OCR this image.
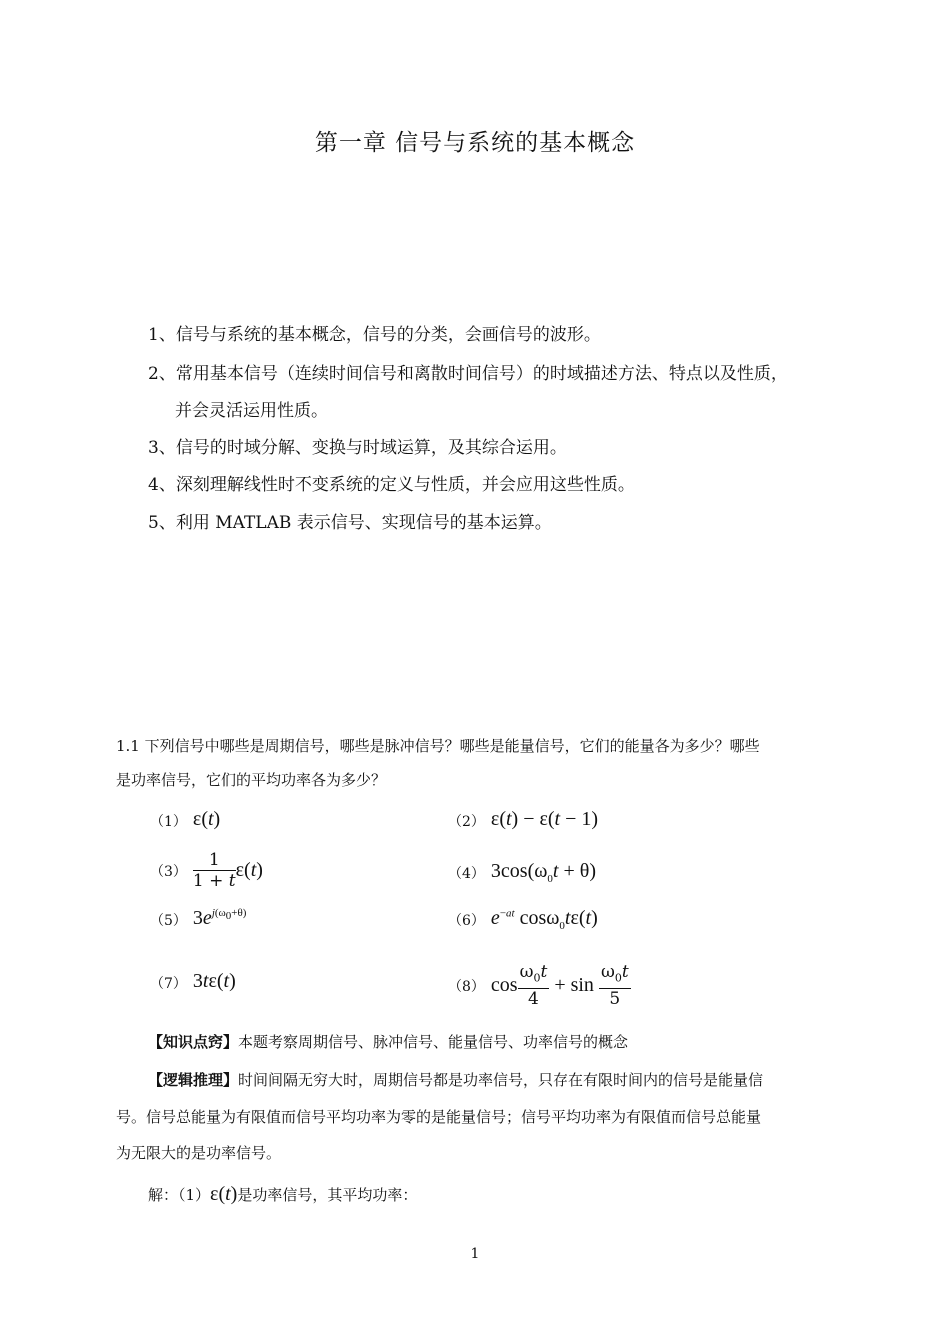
第一章 信号与系统的基本概念
1、信号与系统的基本概念，信号的分类，会画信号的波形。
2、常用基本信号（连续时间信号和离散时间信号）的时域描述方法、特点以及性质，
并会灵活运用性质。
3、信号的时域分解、变换与时域运算，及其综合运用。
4、深刻理解线性时不变系统的定义与性质，并会应用这些性质。
5、利用 MATLAB 表示信号、实现信号的基本运算。
1.1 下列信号中哪些是周期信号，哪些是脉冲信号？哪些是能量信号，它们的能量各为多少？哪些
是功率信号，它们的平均功率各为多少？
（1） ε(t)	（2） ε(t) − ε(t − 1)
$(3) \frac{1}{1 + t} \varepsilon(t)$	（4） $3\cos(\omega_0t + \theta)$
（5） $3e^{j(\omega_0+\theta)}$	（6） $e^{-at}$ cosω$_0$tε(t)
（7） 3tε(t)	（8） $\cos \frac{\omega_0t}{4} + \sin \frac{\omega_0t}{5}$
【知识点窍】本题考察周期信号、脉冲信号、能量信号、功率信号的概念
【逻辑推理】时间间隔无穷大时，周期信号都是功率信号，只存在有限时间内的信号是能量信
号。信号总能量为有限值而信号平均功率为零的是能量信号；信号平均功率为有限值而信号总能量
为无限大的是功率信号。
解：（1）ε(t)是功率信号，其平均功率：
1
